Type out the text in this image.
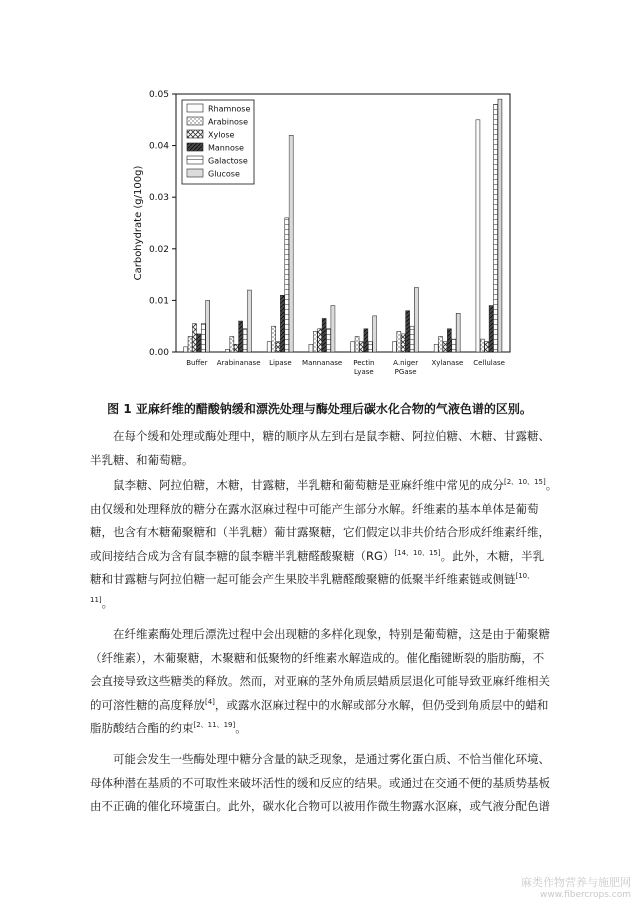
0.00
0.01
0.02
0.03
0.04
0.05
Carbohydrate (g/100g)
Buffer Arabinanase Lipase Mannanase Pectin
Lyase
A.niger
PGase
Xylanase Cellulase
Rhamnose
Arabinose
Xylose
Mannose
Galactose
Glucose

图 1 亚麻纤维的醋酸钠缓和漂洗处理与酶处理后碳水化合物的气液色谱的区别。

在每个缓和处理或酶处理中，糖的顺序从左到右是鼠李糖、阿拉伯糖、木糖、甘露糖、
半乳糖、和葡萄糖。

鼠李糖、阿拉伯糖，木糖，甘露糖，半乳糖和葡萄糖是亚麻纤维中常见的成分[2、10、15]。
由仅缓和处理释放的糖分在露水沤麻过程中可能产生部分水解。纤维素的基本单体是葡萄
糖，也含有木糖葡聚糖和（半乳糖）葡甘露聚糖，它们假定以非共价结合形成纤维素纤维，
或间接结合成为含有鼠李糖的鼠李糖半乳糖醛酸聚糖（RG）[14、10、15]。此外，木糖，半乳
糖和甘露糖与阿拉伯糖一起可能会产生果胶半乳糖醛酸聚糖的低聚半纤维素链或侧链$^{[10、}$
$^{11]}$。

在纤维素酶处理后漂洗过程中会出现糖的多样化现象，特别是葡萄糖，这是由于葡聚糖
（纤维素），木葡聚糖，木聚糖和低聚物的纤维素水解造成的。催化酯键断裂的脂肪酶，不
会直接导致这些糖类的释放。然而，对亚麻的茎外角质层蜡质层退化可能导致亚麻纤维相关
的可溶性糖的高度释放[4]，或露水沤麻过程中的水解或部分水解，但仍受到角质层中的蜡和
脂肪酸结合酯的约束[2、11、19]。

可能会发生一些酶处理中糖分含量的缺乏现象，是通过雾化蛋白质、不恰当催化环境、
母体种潜在基质的不可取性来破坏活性的缓和反应的结果。或通过在交通不便的基质势基板
由不正确的催化环境蛋白。此外，碳水化合物可以被用作微生物露水沤麻，或气液分配色谱

麻类作物营养与施肥网
www.fibercrops.com
